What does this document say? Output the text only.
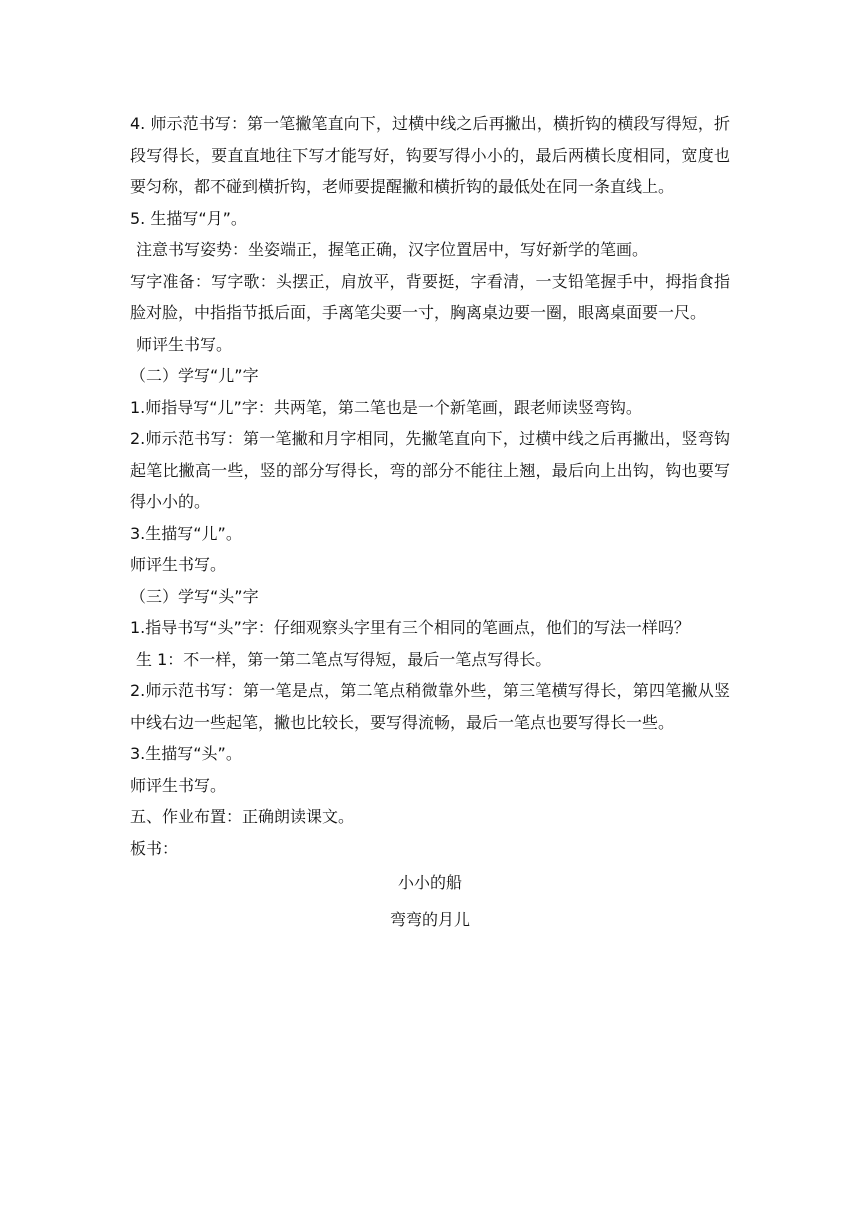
4. 师示范书写：第一笔撇笔直向下，过横中线之后再撇出，横折钩的横段写得短，折段写得长，要直直地往下写才能写好，钩要写得小小的，最后两横长度相同，宽度也要匀称，都不碰到横折钩，老师要提醒撇和横折钩的最低处在同一条直线上。

5. 生描写“月”。

注意书写姿势：坐姿端正，握笔正确，汉字位置居中，写好新学的笔画。

写字准备：写字歌：头摆正，肩放平，背要挺，字看清，一支铅笔握手中，拇指食指脸对脸，中指指节抵后面，手离笔尖要一寸，胸离桌边要一圈，眼离桌面要一尺。

师评生书写。

（二）学写“儿”字

1.师指导写“儿”字：共两笔，第二笔也是一个新笔画，跟老师读竖弯钩。

2.师示范书写：第一笔撇和月字相同，先撇笔直向下，过横中线之后再撇出，竖弯钩起笔比撇高一些，竖的部分写得长，弯的部分不能往上翘，最后向上出钩，钩也要写得小小的。

3.生描写“儿”。

师评生书写。

（三）学写“头”字

1.指导书写“头”字：仔细观察头字里有三个相同的笔画点，他们的写法一样吗？

生 1：不一样，第一第二笔点写得短，最后一笔点写得长。

2.师示范书写：第一笔是点，第二笔点稍微靠外些，第三笔横写得长，第四笔撇从竖中线右边一些起笔，撇也比较长，要写得流畅，最后一笔点也要写得长一些。

3.生描写“头”。

师评生书写。

五、作业布置：正确朗读课文。

板书：

小小的船

弯弯的月儿
